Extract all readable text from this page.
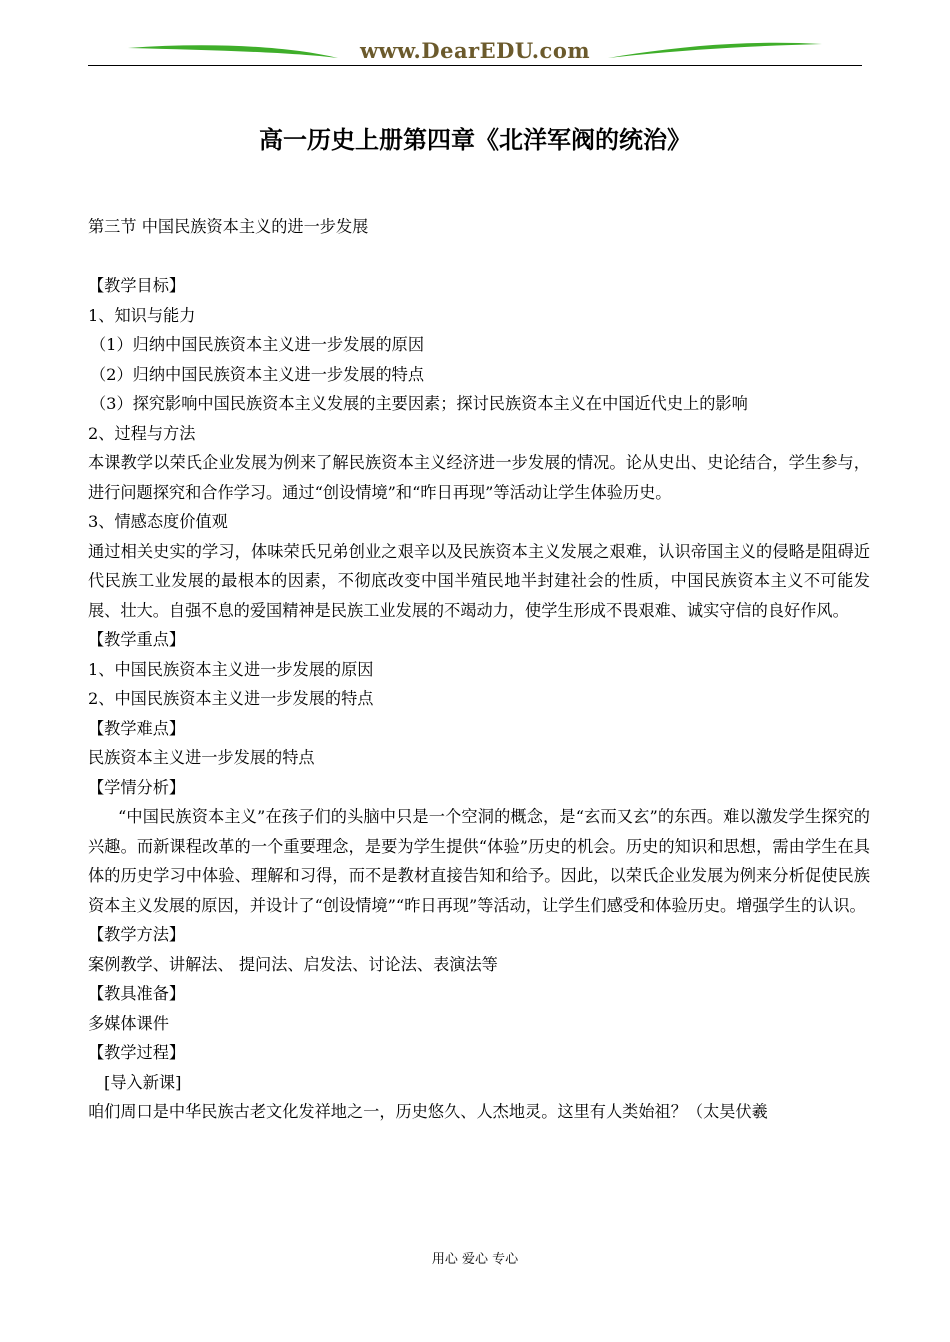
www.DearEDU.com
高一历史上册第四章《北洋军阀的统治》

第三节 中国民族资本主义的进一步发展

【教学目标】

1、知识与能力

（1）归纳中国民族资本主义进一步发展的原因

（2）归纳中国民族资本主义进一步发展的特点

（3）探究影响中国民族资本主义发展的主要因素；探讨民族资本主义在中国近代史上的影响

2、过程与方法

本课教学以荣氏企业发展为例来了解民族资本主义经济进一步发展的情况。论从史出、史论结合，学生参与，进行问题探究和合作学习。通过“创设情境”和“昨日再现”等活动让学生体验历史。

3、情感态度价值观

通过相关史实的学习，体味荣氏兄弟创业之艰辛以及民族资本主义发展之艰难，认识帝国主义的侵略是阻碍近代民族工业发展的最根本的因素，不彻底改变中国半殖民地半封建社会的性质，中国民族资本主义不可能发展、壮大。自强不息的爱国精神是民族工业发展的不竭动力，使学生形成不畏艰难、诚实守信的良好作风。

【教学重点】

1、中国民族资本主义进一步发展的原因

2、中国民族资本主义进一步发展的特点

【教学难点】

民族资本主义进一步发展的特点

【学情分析】

“中国民族资本主义”在孩子们的头脑中只是一个空洞的概念，是“玄而又玄”的东西。难以激发学生探究的兴趣。而新课程改革的一个重要理念，是要为学生提供“体验”历史的机会。历史的知识和思想，需由学生在具体的历史学习中体验、理解和习得，而不是教材直接告知和给予。因此，以荣氏企业发展为例来分析促使民族资本主义发展的原因，并设计了“创设情境”“昨日再现”等活动，让学生们感受和体验历史。增强学生的认识。

【教学方法】

案例教学、讲解法、 提问法、启发法、讨论法、表演法等

【教具准备】

多媒体课件

【教学过程】

[导入新课]

咱们周口是中华民族古老文化发祥地之一，历史悠久、人杰地灵。这里有人类始祖？（太昊伏羲

用心 爱心 专心
